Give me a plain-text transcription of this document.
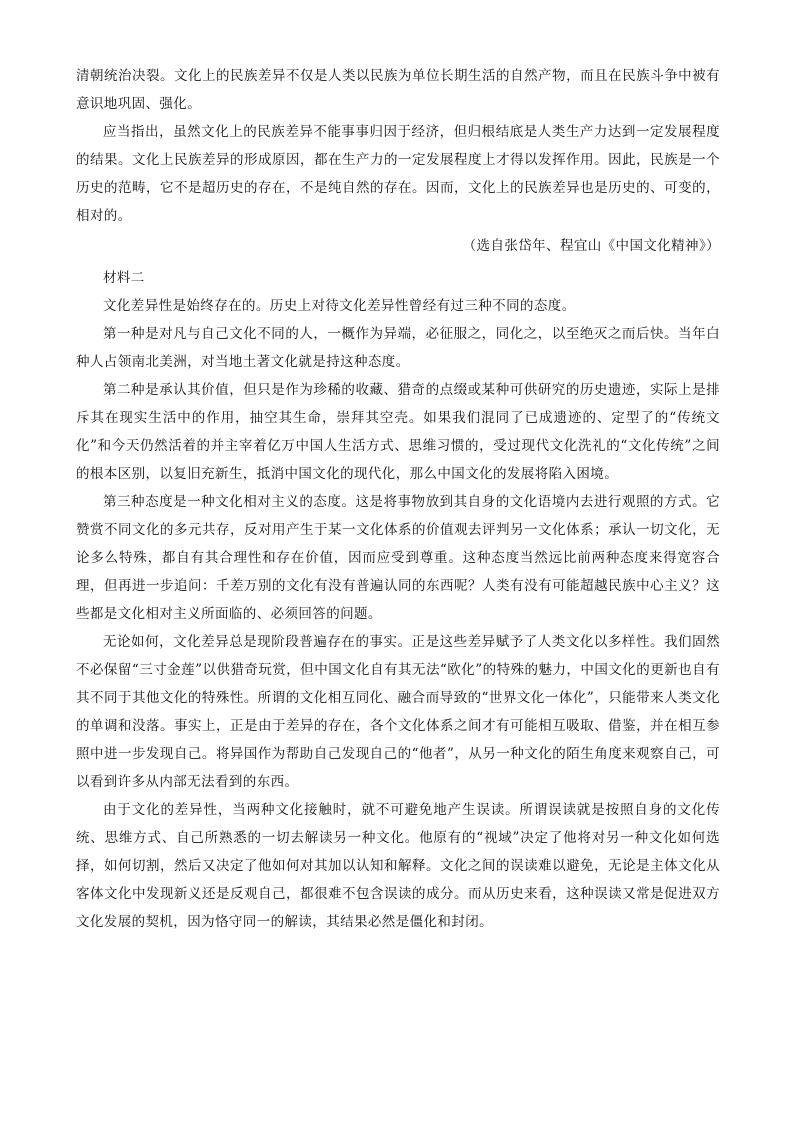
清朝统治决裂。文化上的民族差异不仅是人类以民族为单位长期生活的自然产物，而且在民族斗争中被有意识地巩固、强化。

应当指出，虽然文化上的民族差异不能事事归因于经济，但归根结底是人类生产力达到一定发展程度的结果。文化上民族差异的形成原因，都在生产力的一定发展程度上才得以发挥作用。因此，民族是一个历史的范畴，它不是超历史的存在，不是纯自然的存在。因而，文化上的民族差异也是历史的、可变的，相对的。

（选自张岱年、程宜山《中国文化精神》）

材料二

文化差异性是始终存在的。历史上对待文化差异性曾经有过三种不同的态度。

第一种是对凡与自己文化不同的人，一概作为异端，必征服之，同化之，以至绝灭之而后快。当年白种人占领南北美洲，对当地土著文化就是持这种态度。

第二种是承认其价值，但只是作为珍稀的收藏、猎奇的点缀或某种可供研究的历史遗迹，实际上是排斥其在现实生活中的作用，抽空其生命，崇拜其空壳。如果我们混同了已成遗迹的、定型了的“传统文化”和今天仍然活着的并主宰着亿万中国人生活方式、思维习惯的，受过现代文化洗礼的“文化传统”之间的根本区别，以复旧充新生，抵消中国文化的现代化，那么中国文化的发展将陷入困境。

第三种态度是一种文化相对主义的态度。这是将事物放到其自身的文化语境内去进行观照的方式。它赞赏不同文化的多元共存，反对用产生于某一文化体系的价值观去评判另一文化体系；承认一切文化，无论多么特殊，都自有其合理性和存在价值，因而应受到尊重。这种态度当然远比前两种态度来得宽容合理，但再进一步追问：千差万别的文化有没有普遍认同的东西呢？人类有没有可能超越民族中心主义？这些都是文化相对主义所面临的、必须回答的问题。

无论如何，文化差异总是现阶段普遍存在的事实。正是这些差异赋予了人类文化以多样性。我们固然不必保留“三寸金莲”以供猎奇玩赏，但中国文化自有其无法“欧化”的特殊的魅力，中国文化的更新也自有其不同于其他文化的特殊性。所谓的文化相互同化、融合而导致的“世界文化一体化”，只能带来人类文化的单调和没落。事实上，正是由于差异的存在，各个文化体系之间才有可能相互吸取、借鉴，并在相互参照中进一步发现自己。将异国作为帮助自己发现自己的“他者”，从另一种文化的陌生角度来观察自己，可以看到许多从内部无法看到的东西。

由于文化的差异性，当两种文化接触时，就不可避免地产生误读。所谓误读就是按照自身的文化传统、思维方式、自己所熟悉的一切去解读另一种文化。他原有的“视域”决定了他将对另一种文化如何选择，如何切割，然后又决定了他如何对其加以认知和解释。文化之间的误读难以避免，无论是主体文化从客体文化中发现新义还是反观自己，都很难不包含误读的成分。而从历史来看，这种误读又常是促进双方文化发展的契机，因为恪守同一的解读，其结果必然是僵化和封闭。
